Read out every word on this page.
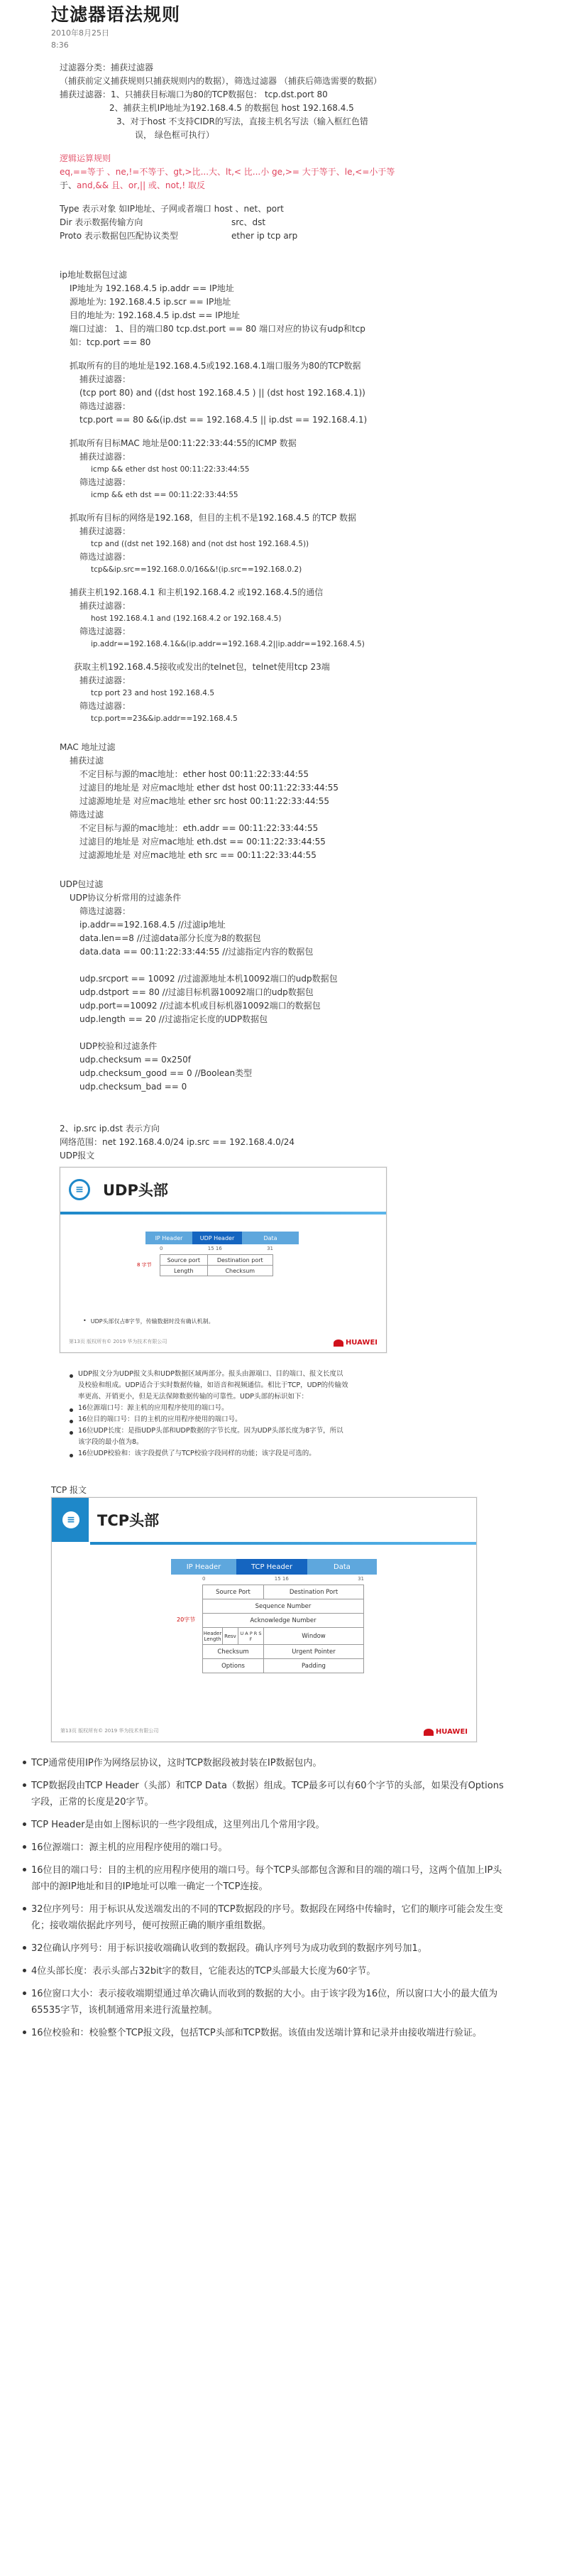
过滤器语法规则
2010年8月25日
8:36
过滤器分类：捕获过滤器
（捕获前定义捕获规则只捕获规则内的数据），筛选过滤器 （捕获后筛选需要的数据）
捕获过滤器：1、只捕获目标端口为80的TCP数据包： tcp.dst.port 80
2、捕获主机IP地址为192.168.4.5 的数据包 host 192.168.4.5
3、对于host 不支持CIDR的写法，直接主机名写法（输入框红色错
误， 绿色框可执行）
逻辑运算规则
eq,==等于 、ne,!=不等于、gt,>比...大、lt,< 比...小 ge,>= 大于等于、le,<=小于等
于、and,&& 且、or,|| 或、not,! 取反
Type 表示对象 如IP地址、子网或者端口 host 、net、port
Dir 表示数据传输方向	src、dst
Proto 表示数据包匹配协议类型	ether ip tcp arp
ip地址数据包过滤
IP地址为 192.168.4.5 ip.addr == IP地址
源地址为: 192.168.4.5 ip.scr == IP地址
目的地址为: 192.168.4.5 ip.dst == IP地址
端口过滤： 1、目的端口80 tcp.dst.port == 80 端口对应的协议有udp和tcp
如：tcp.port == 80
抓取所有的目的地址是192.168.4.5或192.168.4.1端口服务为80的TCP数据
捕获过滤器：
(tcp port 80) and ((dst host 192.168.4.5 ) || (dst host 192.168.4.1))
筛选过滤器：
tcp.port == 80 &&(ip.dst == 192.168.4.5 || ip.dst == 192.168.4.1)
抓取所有目标MAC 地址是00:11:22:33:44:55的ICMP 数据
捕获过滤器：
icmp && ether dst host 00:11:22:33:44:55
筛选过滤器：
icmp && eth dst == 00:11:22:33:44:55
抓取所有目标的网络是192.168，但目的主机不是192.168.4.5 的TCP 数据
捕获过滤器：
tcp and ((dst net 192.168) and (not dst host 192.168.4.5))
筛选过滤器：
tcp&&ip.src==192.168.0.0/16&&!(ip.src==192.168.0.2)
捕获主机192.168.4.1 和主机192.168.4.2 或192.168.4.5的通信
捕获过滤器：
host 192.168.4.1 and (192.168.4.2 or 192.168.4.5)
筛选过滤器：
ip.addr==192.168.4.1&&(ip.addr==192.168.4.2||ip.addr==192.168.4.5)
获取主机192.168.4.5接收或发出的telnet包，telnet使用tcp 23端
捕获过滤器：
tcp port 23 and host 192.168.4.5
筛选过滤器：
tcp.port==23&&ip.addr==192.168.4.5
MAC 地址过滤
捕获过滤
不定目标与源的mac地址：ether host 00:11:22:33:44:55
过滤目的地址是 对应mac地址 ether dst host 00:11:22:33:44:55
过滤源地址是 对应mac地址 ether src host 00:11:22:33:44:55
筛选过滤
不定目标与源的mac地址：eth.addr == 00:11:22:33:44:55
过滤目的地址是 对应mac地址 eth.dst == 00:11:22:33:44:55
过滤源地址是 对应mac地址 eth src == 00:11:22:33:44:55
UDP包过滤
UDP协议分析常用的过滤条件
筛选过滤器：
ip.addr==192.168.4.5 //过滤ip地址
data.len==8 //过滤data部分长度为8的数据包
data.data == 00:11:22:33:44:55 //过滤指定内容的数据包
udp.srcport == 10092 //过滤源地址本机10092端口的udp数据包
udp.dstport == 80 //过滤目标机器10092端口的udp数据包
udp.port==10092 //过滤本机或目标机器10092端口的数据包
udp.length == 20 //过滤指定长度的UDP数据包
UDP校验和过滤条件
udp.checksum == 0x250f
udp.checksum_good == 0 //Boolean类型
udp.checksum_bad == 0
2、ip.src ip.dst 表示方向
网络范围：net 192.168.4.0/24 ip.src == 192.168.4.0/24
UDP报文
≡	UDP头部
IP Header	UDP Header	Data
0	15 16	31
8 字节
Source port	Destination port
Length	Checksum
• UDP头部仅占8字节，传输数据时没有确认机制。
第13页 版权所有© 2019 华为技术有限公司	HUAWEI
UDP报文分为UDP报文头和UDP数据区域两部分。报头由源端口、目的端口、报文长度以及校验和组成。UDP适合于实时数据传输，如语音和视频通信。相比于TCP，UDP的传输效率更高、开销更小，但是无法保障数据传输的可靠性。UDP头部的标识如下：
16位源端口号：源主机的应用程序使用的端口号。
16位目的端口号：目的主机的应用程序使用的端口号。
16位UDP长度：是指UDP头部和UDP数据的字节长度。因为UDP头部长度为8字节，所以该字段的最小值为8。
16位UDP校验和：该字段提供了与TCP校验字段同样的功能；该字段是可选的。
TCP 报文
≡	TCP头部
IP Header	TCP Header	Data
0	15 16	31
20字节
Source Port			Destination Port
Sequence Number			
Acknowledge Number			
Header Length	Resv	U A P R S F	Window
Checksum			Urgent Pointer
Options			Padding
第13页 版权所有© 2019 华为技术有限公司	HUAWEI
TCP通常使用IP作为网络层协议，这时TCP数据段被封装在IP数据包内。
TCP数据段由TCP Header（头部）和TCP Data（数据）组成。TCP最多可以有60个字节的头部，如果没有Options字段，正常的长度是20字节。
TCP Header是由如上图标识的一些字段组成，这里列出几个常用字段。
16位源端口：源主机的应用程序使用的端口号。
16位目的端口号：目的主机的应用程序使用的端口号。每个TCP头部都包含源和目的端的端口号，这两个值加上IP头部中的源IP地址和目的IP地址可以唯一确定一个TCP连接。
32位序列号：用于标识从发送端发出的不同的TCP数据段的序号。数据段在网络中传输时，它们的顺序可能会发生变化；接收端依据此序列号，便可按照正确的顺序重组数据。
32位确认序列号：用于标识接收端确认收到的数据段。确认序列号为成功收到的数据序列号加1。
4位头部长度：表示头部占32bit字的数目，它能表达的TCP头部最大长度为60字节。
16位窗口大小：表示接收端期望通过单次确认而收到的数据的大小。由于该字段为16位，所以窗口大小的最大值为65535字节，该机制通常用来进行流量控制。
16位校验和：校验整个TCP报文段，包括TCP头部和TCP数据。该值由发送端计算和记录并由接收端进行验证。
